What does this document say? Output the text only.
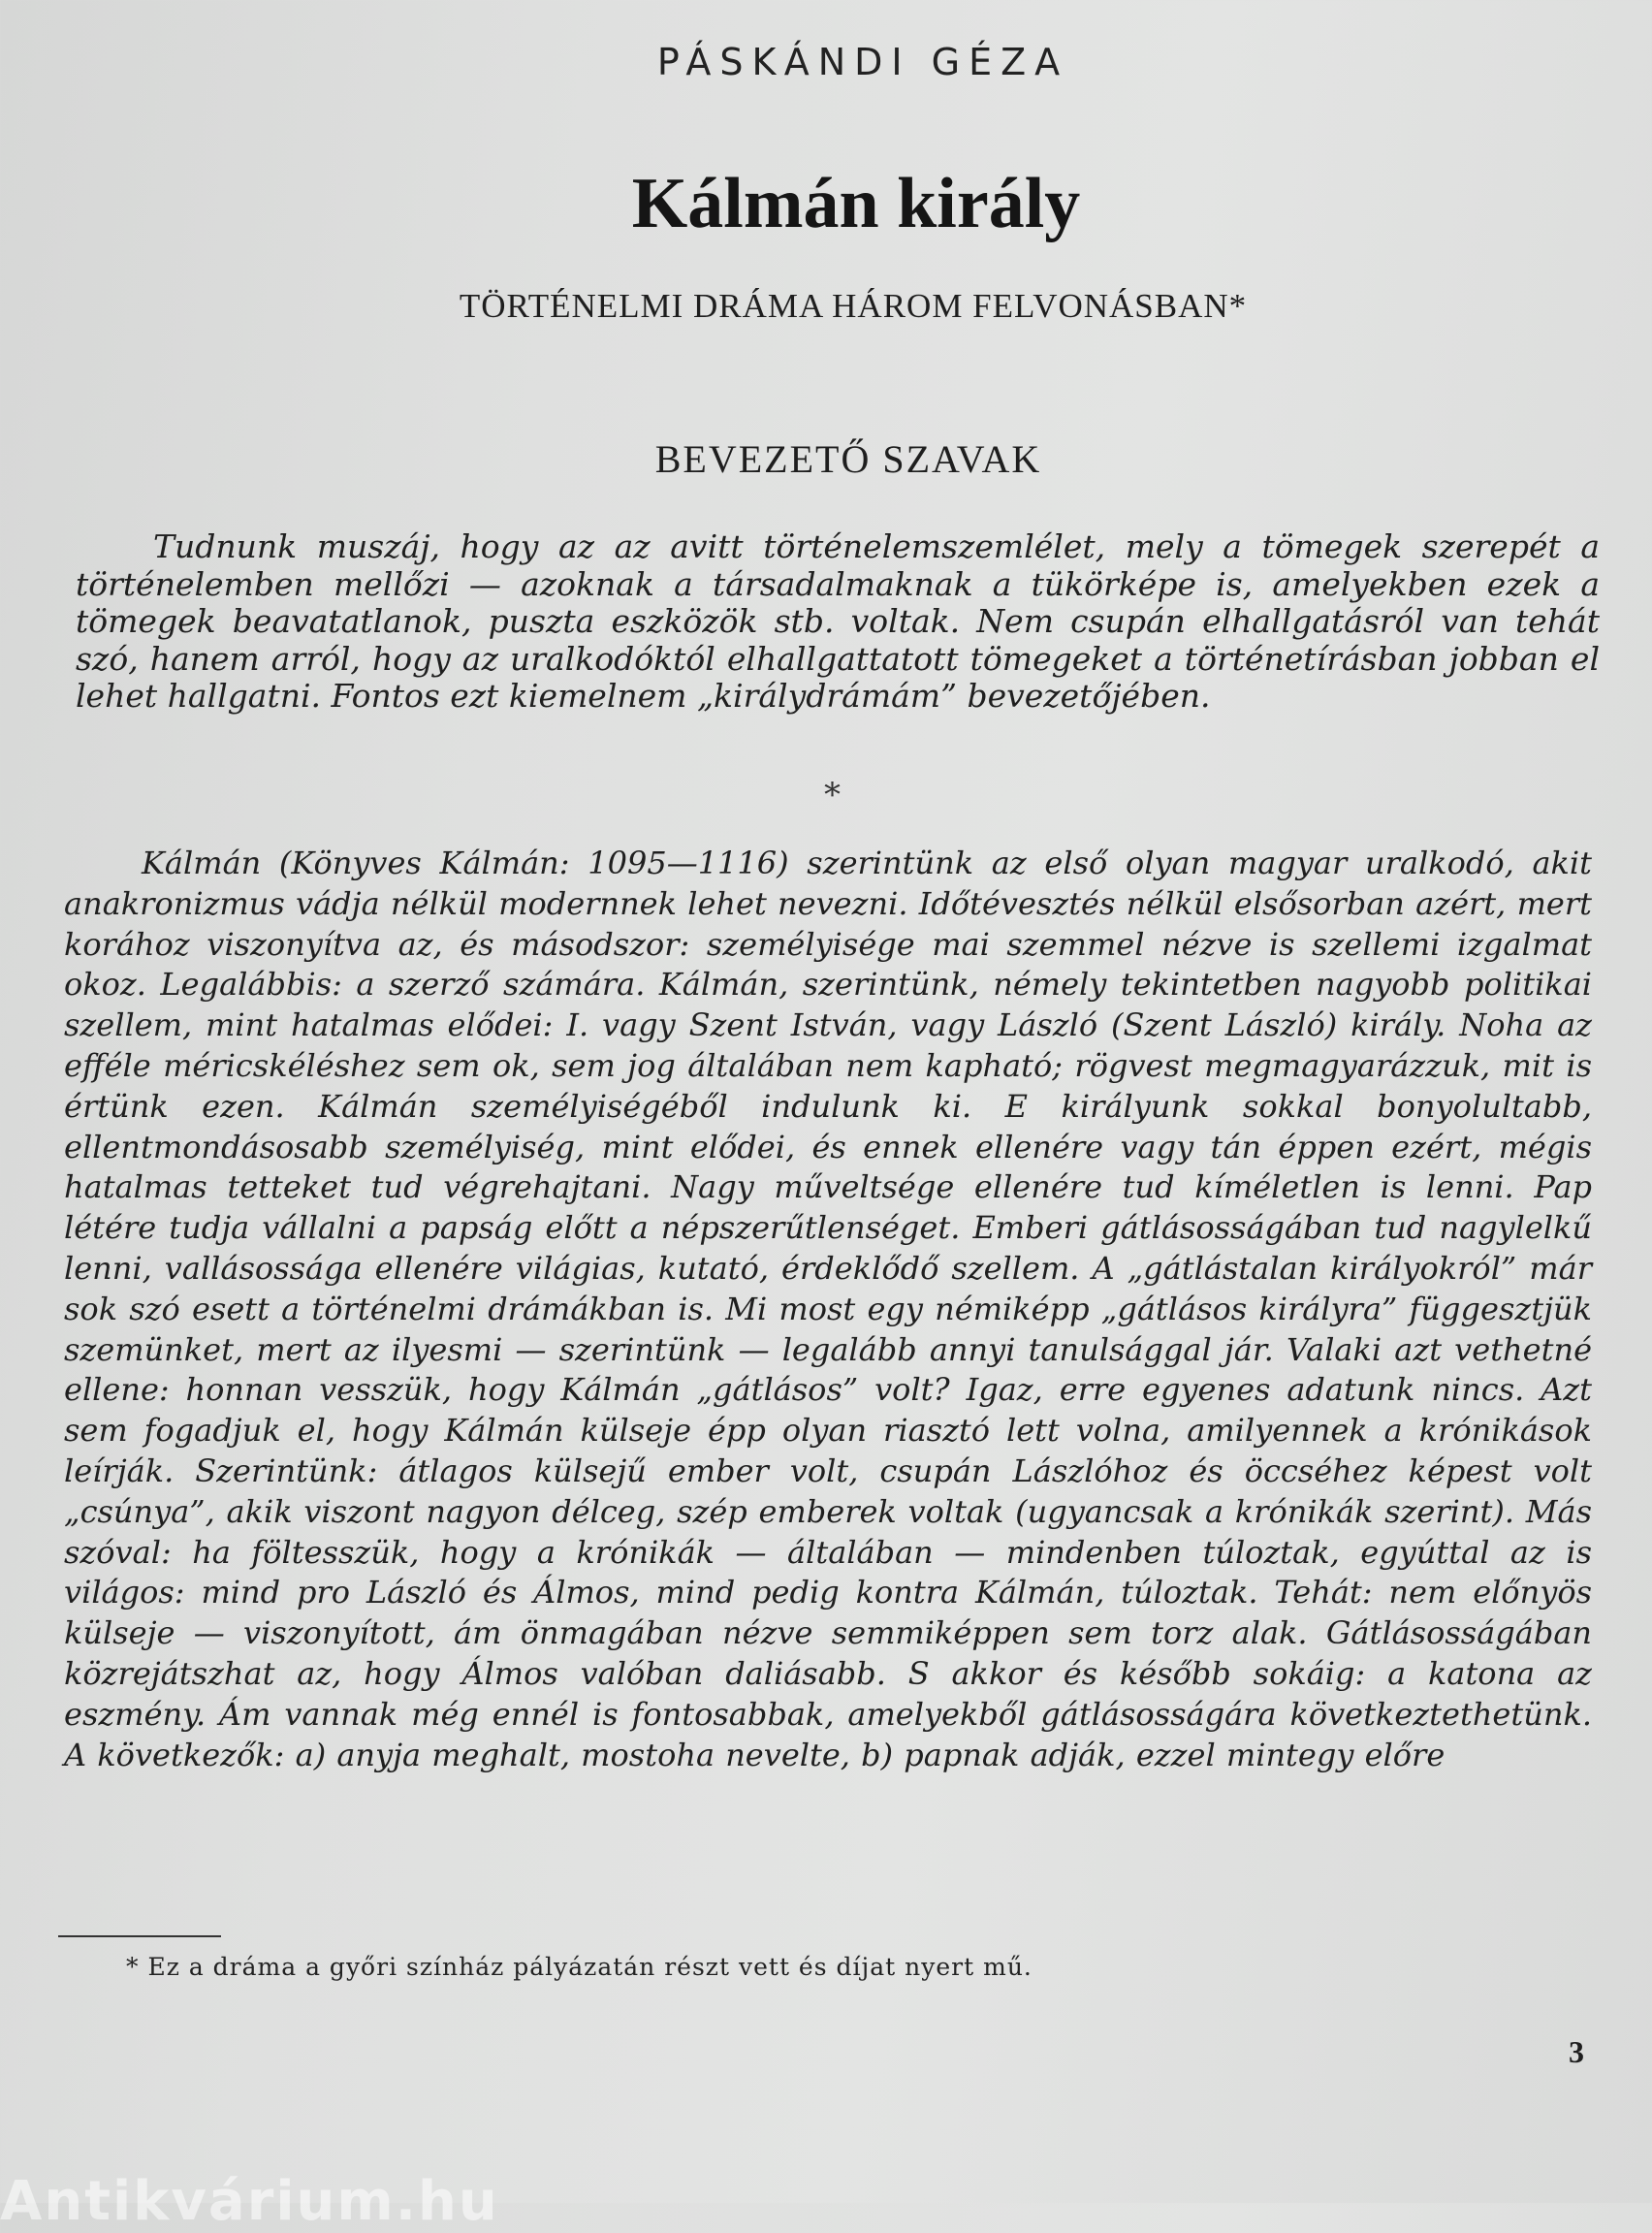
PÁSKÁNDI GÉZA
Kálmán király
TÖRTÉNELMI DRÁMA HÁROM FELVONÁSBAN*
BEVEZETŐ SZAVAK

Tudnunk muszáj, hogy az az avitt történelemszemlélet, mely a tömegek szerepét a történelemben mellőzi — azoknak a társadalmaknak a tükörképe is, amelyekben ezek a tömegek beavatatlanok, puszta eszközök stb. voltak. Nem csupán elhallgatásról van tehát szó, hanem arról, hogy az uralkodóktól elhallgattatott tömegeket a történetírásban jobban el lehet hallgatni. Fontos ezt kiemelnem „királydrámám” bevezetőjében.

*

Kálmán (Könyves Kálmán: 1095—1116) szerintünk az első olyan magyar uralkodó, akit anakronizmus vádja nélkül modernnek lehet nevezni. Időtévesztés nélkül elsősorban azért, mert korához viszonyítva az, és másodszor: személyisége mai szemmel nézve is szellemi izgalmat okoz. Legalábbis: a szerző számára. Kálmán, szerintünk, némely tekintetben nagyobb politikai szellem, mint hatalmas elődei: I. vagy Szent István, vagy László (Szent László) király. Noha az efféle méricskéléshez sem ok, sem jog általában nem kapható; rögvest megmagyarázzuk, mit is értünk ezen. Kálmán személyiségéből indulunk ki. E királyunk sokkal bonyolultabb, ellentmondásosabb személyiség, mint elődei, és ennek ellenére vagy tán éppen ezért, mégis hatalmas tetteket tud végrehajtani. Nagy műveltsége ellenére tud kíméletlen is lenni. Pap létére tudja vállalni a papság előtt a népszerűtlenséget. Emberi gátlásosságában tud nagylelkű lenni, vallásossága ellenére világias, kutató, érdeklődő szellem. A „gátlástalan királyokról” már sok szó esett a történelmi drámákban is. Mi most egy némiképp „gátlásos királyra” függesztjük szemünket, mert az ilyesmi — szerintünk — legalább annyi tanulsággal jár. Valaki azt vethetné ellene: honnan vesszük, hogy Kálmán „gátlásos” volt? Igaz, erre egyenes adatunk nincs. Azt sem fogadjuk el, hogy Kálmán külseje épp olyan riasztó lett volna, amilyennek a krónikások leírják. Szerintünk: átlagos külsejű ember volt, csupán Lászlóhoz és öccséhez képest volt „csúnya”, akik viszont nagyon délceg, szép emberek voltak (ugyancsak a krónikák szerint). Más szóval: ha föltesszük, hogy a krónikák — általában — mindenben túloztak, egyúttal az is világos: mind pro László és Álmos, mind pedig kontra Kálmán, túloztak. Tehát: nem előnyös külseje — viszonyított, ám önmagában nézve semmiképpen sem torz alak. Gátlásosságában közrejátszhat az, hogy Álmos valóban daliásabb. S akkor és később sokáig: a katona az eszmény. Ám vannak még ennél is fontosabbak, amelyekből gátlásosságára következtethetünk. A következők: a) anyja meghalt, mostoha nevelte, b) papnak adják, ezzel mintegy előre

* Ez a dráma a győri színház pályázatán részt vett és díjat nyert mű.
3
Antikvárium.hu
